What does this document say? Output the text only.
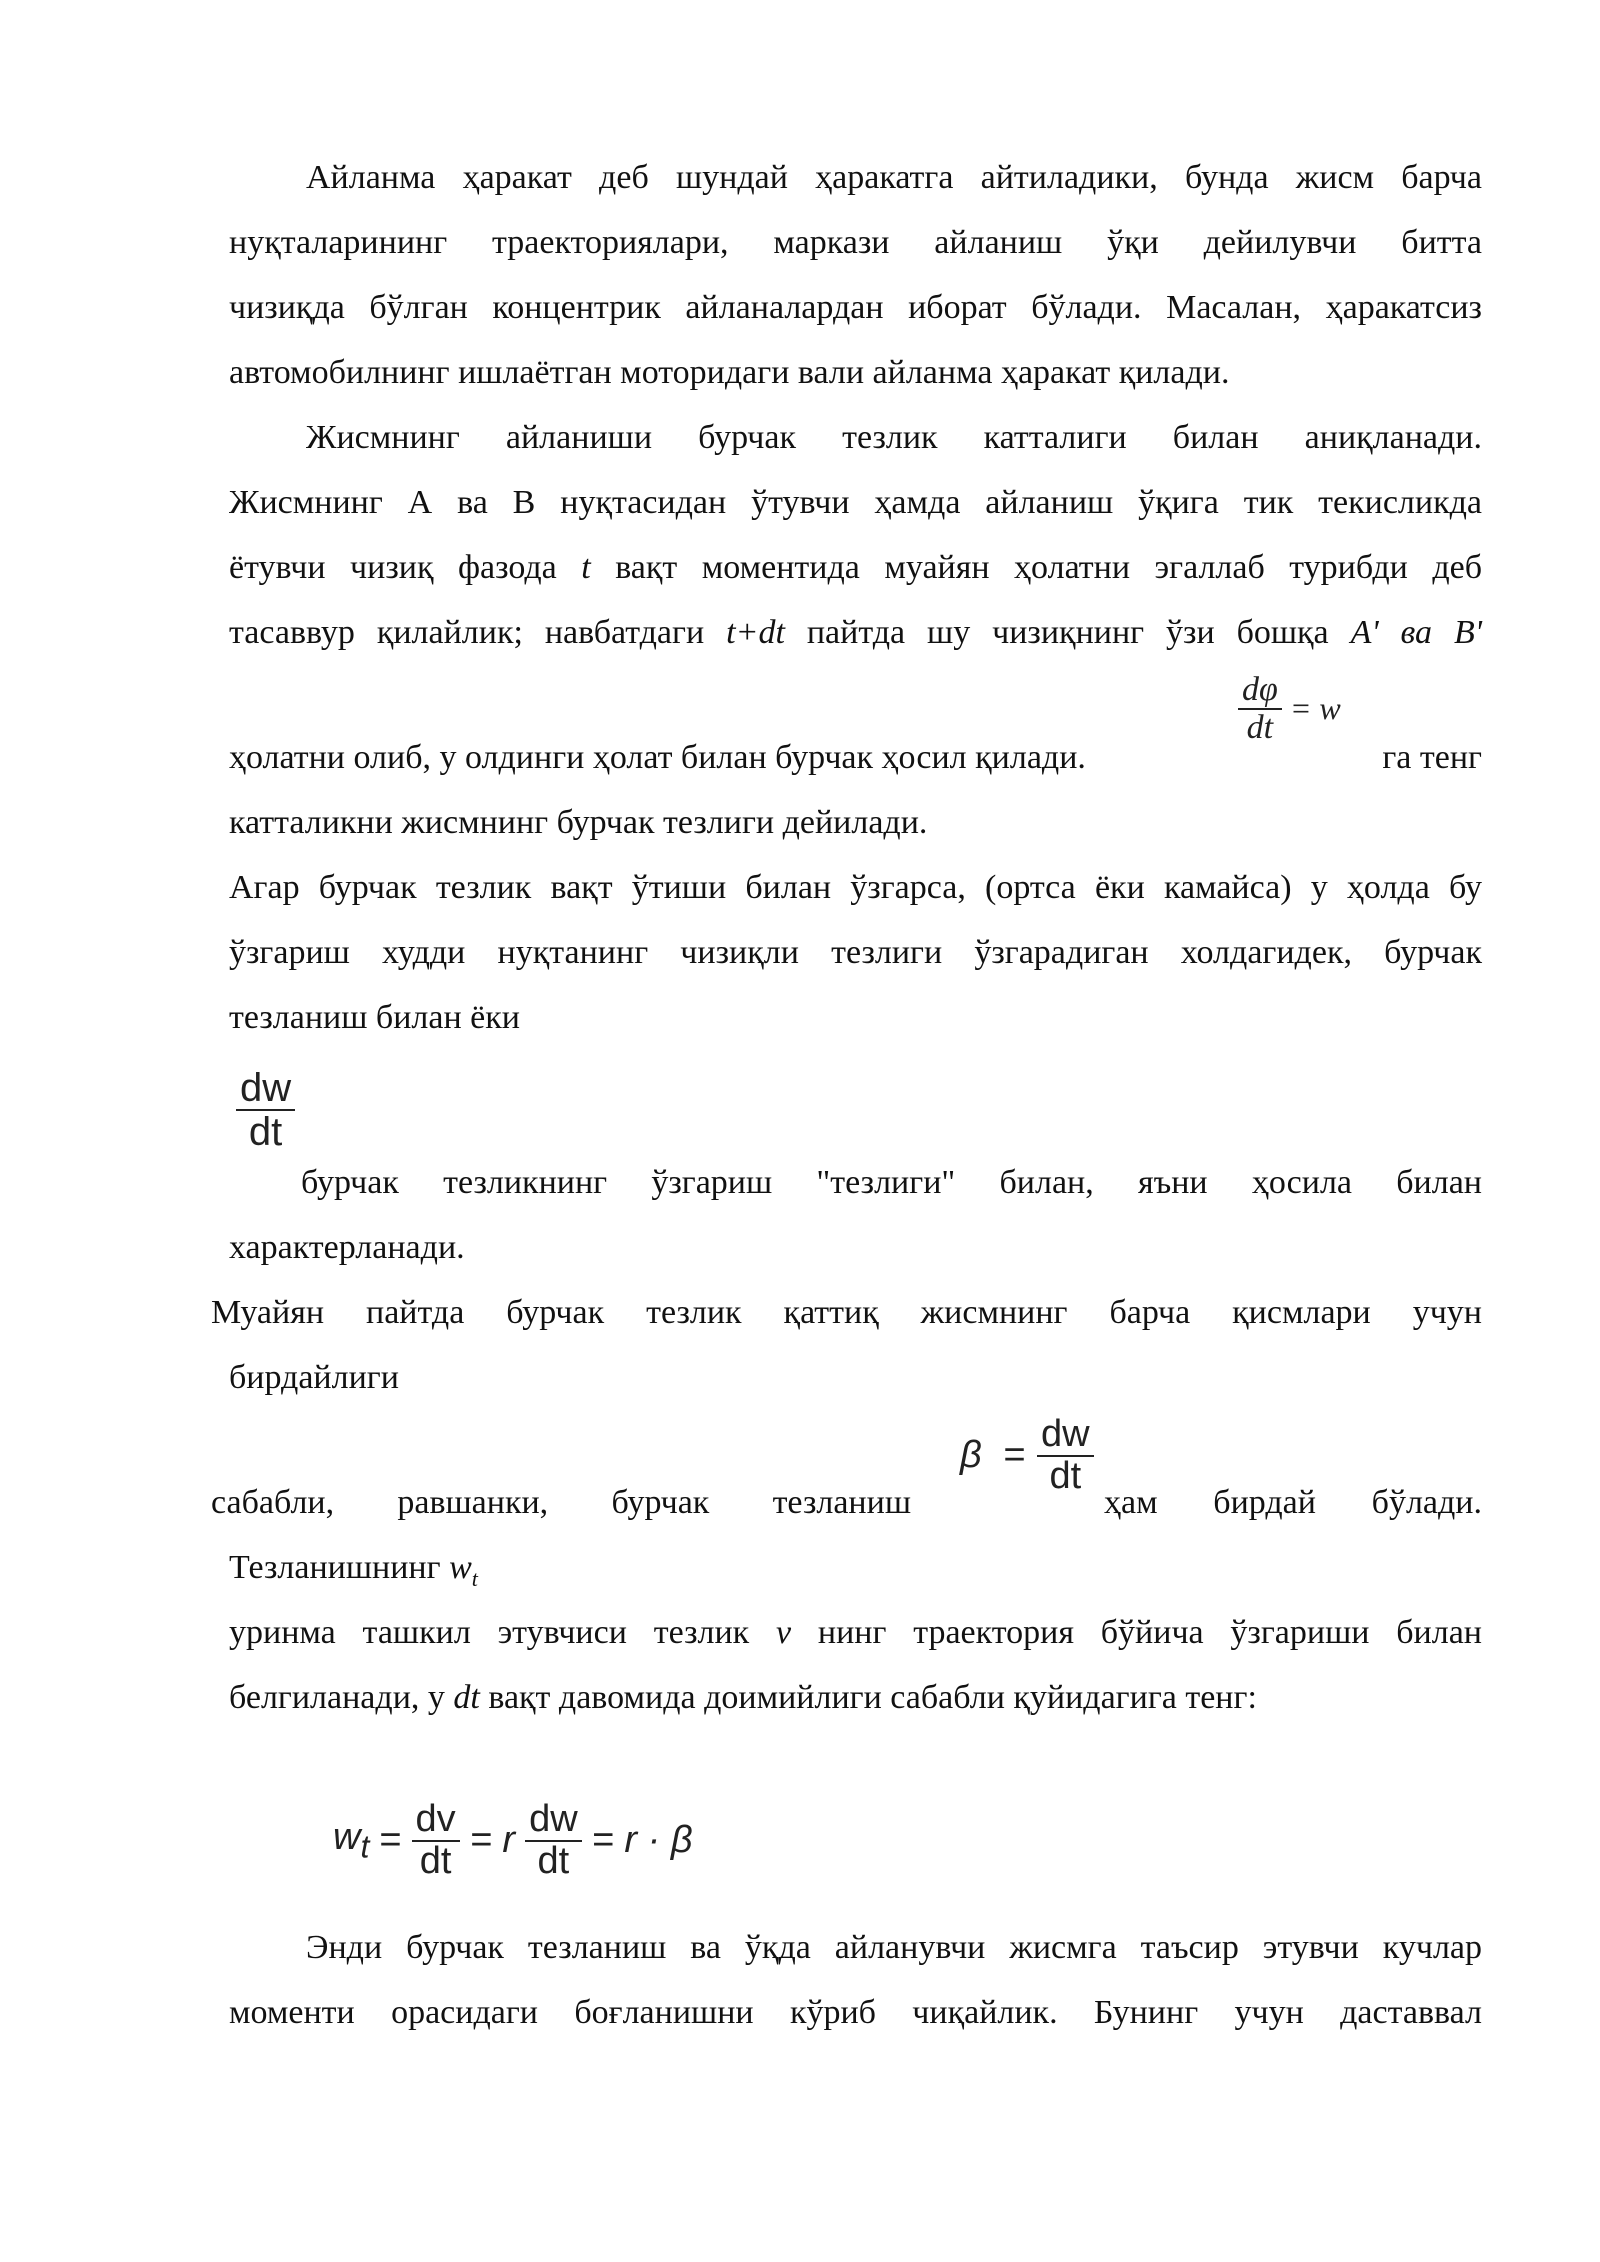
Айланма ҳаракат деб шундай ҳаракатга айтиладики, бунда жисм барча
нуқталарининг траекториялари, маркази айланиш ўқи дейилувчи битта
чизиқда бўлган концентрик айланалардан иборат бўлади. Масалан, ҳаракатсиз
автомобилнинг ишлаётган моторидаги вали айланма ҳаракат қилади.
Жисмнинг айланиши бурчак тезлик катталиги билан аниқланади.
Жисмнинг А ва В нуқтасидан ўтувчи ҳамда айланиш ўқига тик текисликда
ётувчи чизиқ фазода t вақт моментида муайян ҳолатни эгаллаб турибди деб
тасаввур қилайлик; навбатдаги t+dt пайтда шу чизиқнинг ўзи бошқа A' ва B'
ҳолатни олиб, у олдинги ҳолат билан бурчак ҳосил қилади.	га тенг
$\frac{d\varphi}{dt} = w$
катталикни жисмнинг бурчак тезлиги дейилади.
Агар бурчак тезлик вақт ўтиши билан ўзгарса, (ортса ёки камайса) у ҳолда бу
ўзгариш худди нуқтанинг чизиқли тезлиги ўзгарадиган холдагидек, бурчак
тезланиш билан ёки
$\frac{dw}{dt}$
бурчак тезликнинг ўзгариш "тезлиги" билан, яъни ҳосила билан
характерланади.
Муайян пайтда бурчак тезлик қаттиқ жисмнинг барча қисмлари учун
бирдайлиги
$\beta = \frac{dw}{dt}$
сабабли, равшанки, бурчак тезланиш	ҳам бирдай бўлади.
Тезланишнинг $w_t$
уринма ташкил этувчиси тезлик v нинг траектория бўйича ўзгариши билан
белгиланади, у dt вақт давомида доимийлиги сабабли қуйидагига тенг:
$w_t = \frac{dv}{dt} = r \frac{dw}{dt} = r \cdot \beta$
Энди бурчак тезланиш ва ўқда айланувчи жисмга таъсир этувчи кучлар
моменти орасидаги боғланишни кўриб чиқайлик. Бунинг учун даставвал
